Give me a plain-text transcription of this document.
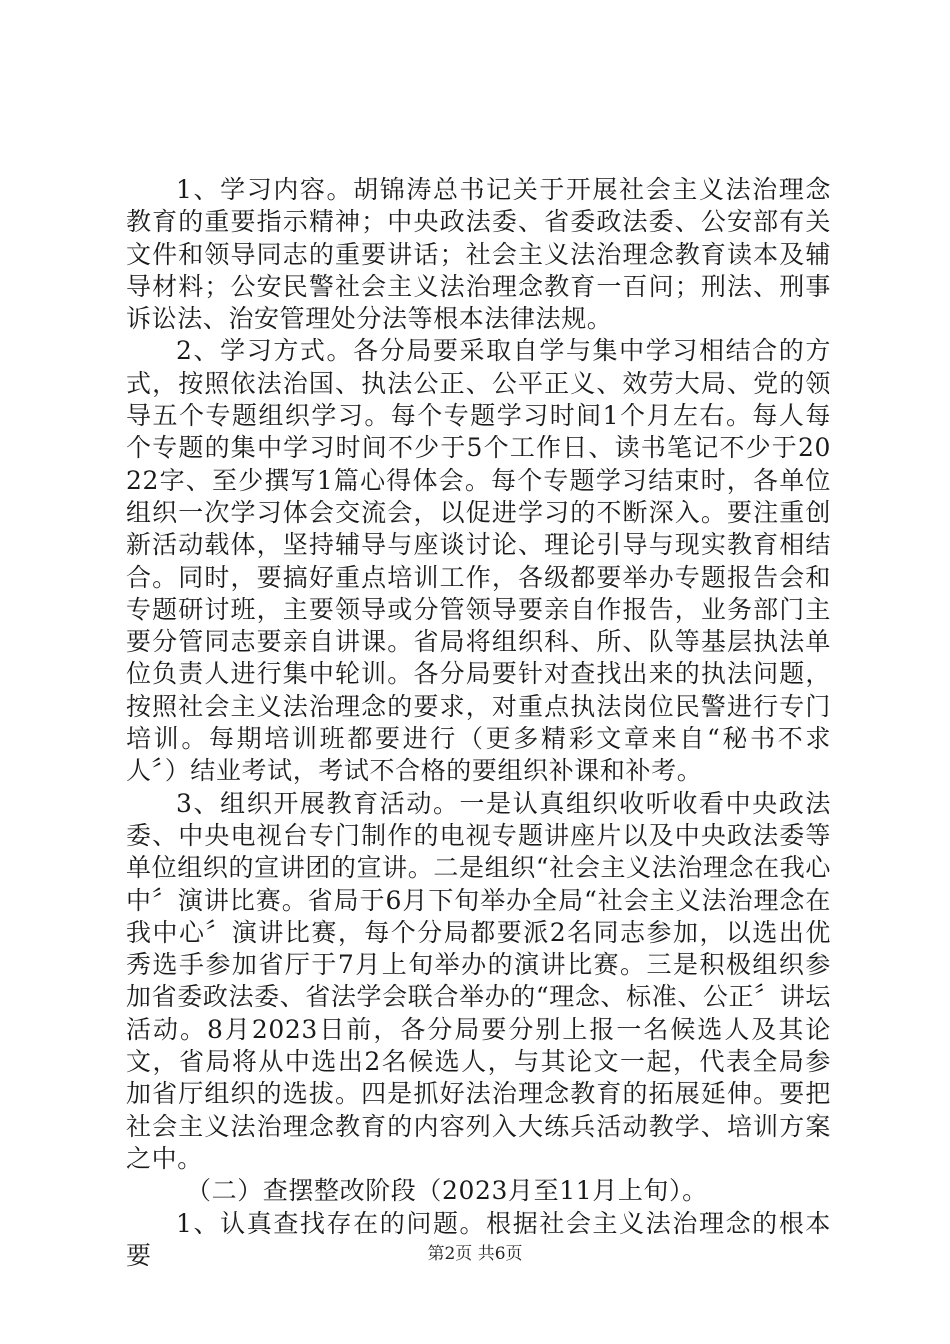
1、学习内容。胡锦涛总书记关于开展社会主义法治理念教育的重要指示精神；中央政法委、省委政法委、公安部有关文件和领导同志的重要讲话；社会主义法治理念教育读本及辅导材料；公安民警社会主义法治理念教育一百问；刑法、刑事诉讼法、治安管理处分法等根本法律法规。

2、学习方式。各分局要采取自学与集中学习相结合的方式，按照依法治国、执法公正、公平正义、效劳大局、党的领导五个专题组织学习。每个专题学习时间1个月左右。每人每个专题的集中学习时间不少于5个工作日、读书笔记不少于2022字、至少撰写1篇心得体会。每个专题学习结束时，各单位组织一次学习体会交流会，以促进学习的不断深入。要注重创新活动载体，坚持辅导与座谈讨论、理论引导与现实教育相结合。同时，要搞好重点培训工作，各级都要举办专题报告会和专题研讨班，主要领导或分管领导要亲自作报告，业务部门主要分管同志要亲自讲课。省局将组织科、所、队等基层执法单位负责人进行集中轮训。各分局要针对查找出来的执法问题，按照社会主义法治理念的要求，对重点执法岗位民警进行专门培训。每期培训班都要进行（更多精彩文章来自“秘书不求人〞）结业考试，考试不合格的要组织补课和补考。

3、组织开展教育活动。一是认真组织收听收看中央政法委、中央电视台专门制作的电视专题讲座片以及中央政法委等单位组织的宣讲团的宣讲。二是组织“社会主义法治理念在我心中〞演讲比赛。省局于6月下旬举办全局“社会主义法治理念在我中心〞演讲比赛，每个分局都要派2名同志参加，以选出优秀选手参加省厅于7月上旬举办的演讲比赛。三是积极组织参加省委政法委、省法学会联合举办的“理念、标准、公正〞讲坛活动。8月2023日前，各分局要分别上报一名候选人及其论文，省局将从中选出2名候选人，与其论文一起，代表全局参加省厅组织的选拔。四是抓好法治理念教育的拓展延伸。要把社会主义法治理念教育的内容列入大练兵活动教学、培训方案之中。

（二）查摆整改阶段（2023月至11月上旬）。

1、认真查找存在的问题。根据社会主义法治理念的根本要	第2页 共6页
